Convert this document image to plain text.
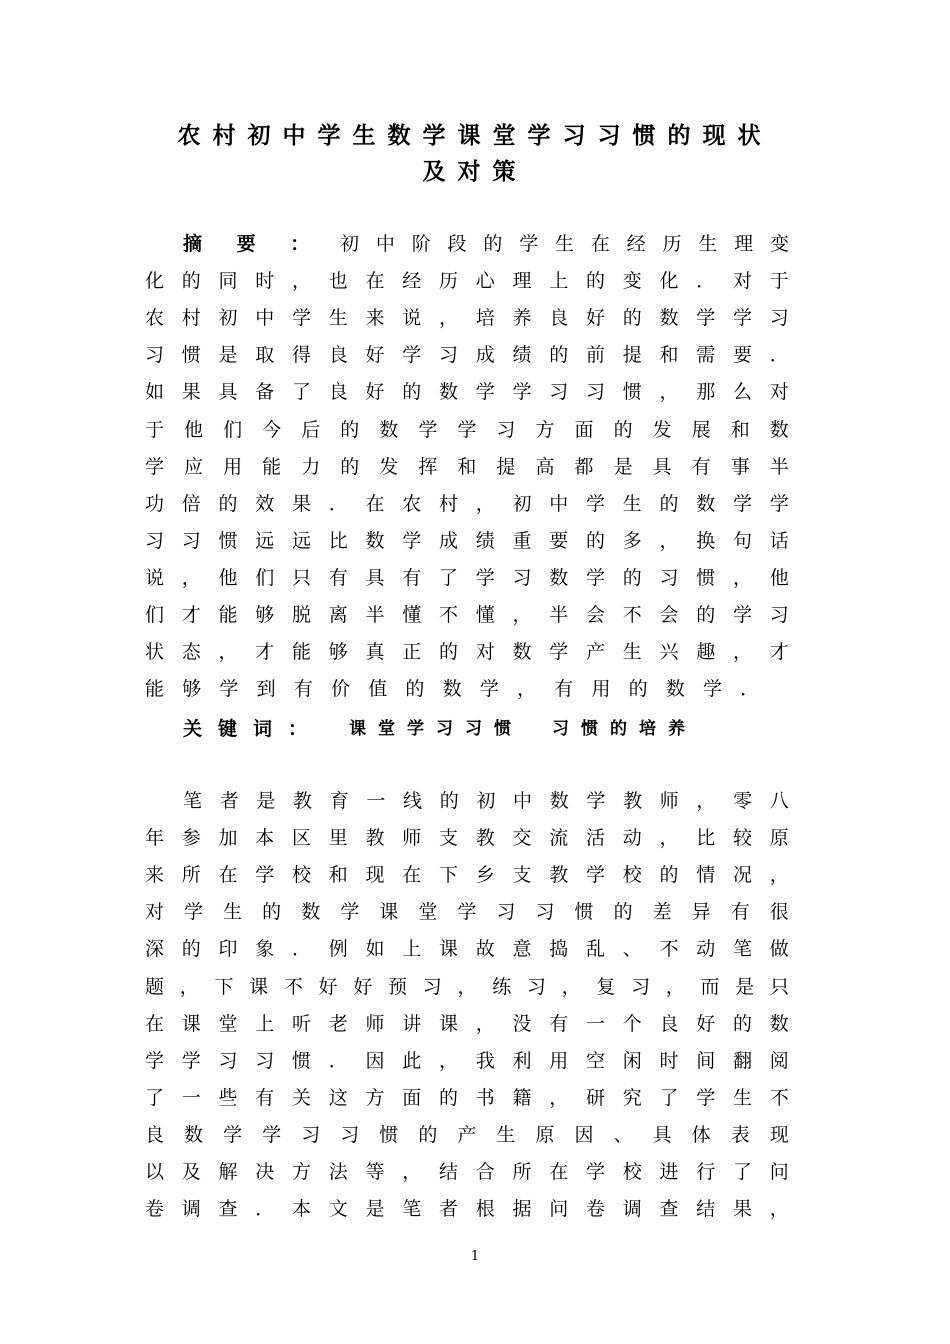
农村初中学生数学课堂学习习惯的现状
及对策
摘 要 ： 初 中 阶 段 的 学 生 在 经 历 生 理 变
化 的 同 时 ， 也 在 经 历 心 理 上 的 变 化 ． 对 于
农 村 初 中 学 生 来 说 ， 培 养 良 好 的 数 学 学 习
习 惯 是 取 得 良 好 学 习 成 绩 的 前 提 和 需 要 ．
如 果 具 备 了 良 好 的 数 学 学 习 习 惯 ， 那 么 对
于 他 们 今 后 的 数 学 学 习 方 面 的 发 展 和 数
学 应 用 能 力 的 发 挥 和 提 高 都 是 具 有 事 半
功 倍 的 效 果 ． 在 农 村 ， 初 中 学 生 的 数 学 学
习 习 惯 远 远 比 数 学 成 绩 重 要 的 多 ， 换 句 话
说 ， 他 们 只 有 具 有 了 学 习 数 学 的 习 惯 ， 他
们 才 能 够 脱 离 半 懂 不 懂 ， 半 会 不 会 的 学 习
状 态 ， 才 能 够 真 正 的 对 数 学 产 生 兴 趣 ， 才
能 够 学 到 有 价 值 的 数 学 ， 有 用 的 数 学 ．
关键词： 课堂学习习惯　习惯的培养
笔 者 是 教 育 一 线 的 初 中 数 学 教 师 ， 零 八
年 参 加 本 区 里 教 师 支 教 交 流 活 动 ， 比 较 原
来 所 在 学 校 和 现 在 下 乡 支 教 学 校 的 情 况 ，
对 学 生 的 数 学 课 堂 学 习 习 惯 的 差 异 有 很
深 的 印 象 ． 例 如 上 课 故 意 捣 乱 、 不 动 笔 做
题 ， 下 课 不 好 好 预 习 ， 练 习 ， 复 习 ， 而 是 只
在 课 堂 上 听 老 师 讲 课 ， 没 有 一 个 良 好 的 数
学 学 习 习 惯 ． 因 此 ， 我 利 用 空 闲 时 间 翻 阅
了 一 些 有 关 这 方 面 的 书 籍 ， 研 究 了 学 生 不
良 数 学 学 习 习 惯 的 产 生 原 因 、 具 体 表 现
以 及 解 决 方 法 等 ， 结 合 所 在 学 校 进 行 了 问
卷 调 查 ． 本 文 是 笔 者 根 据 问 卷 调 查 结 果 ，
1
